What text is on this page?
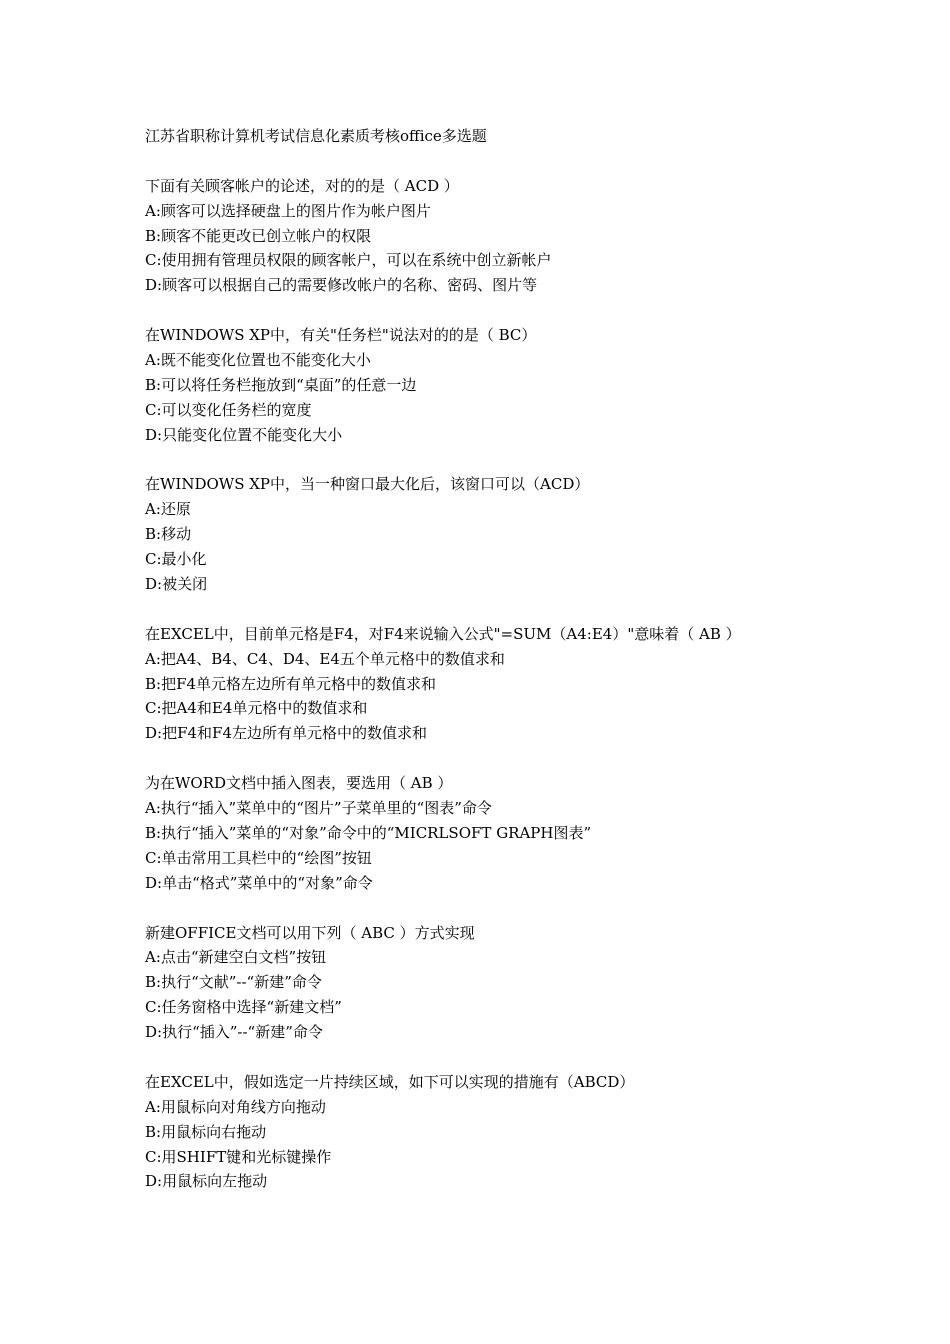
江苏省职称计算机考试信息化素质考核office多选题
下面有关顾客帐户的论述，对的的是（ ACD ）
A:顾客可以选择硬盘上的图片作为帐户图片
B:顾客不能更改已创立帐户的权限
C:使用拥有管理员权限的顾客帐户，可以在系统中创立新帐户
D:顾客可以根据自己的需要修改帐户的名称、密码、图片等
在WINDOWS XP中，有关"任务栏"说法对的的是（ BC）
A:既不能变化位置也不能变化大小
B:可以将任务栏拖放到“桌面”的任意一边
C:可以变化任务栏的宽度
D:只能变化位置不能变化大小
在WINDOWS XP中，当一种窗口最大化后，该窗口可以（ACD）
A:还原
B:移动
C:最小化
D:被关闭
在EXCEL中，目前单元格是F4，对F4来说输入公式"=SUM（A4:E4）"意味着（ AB ）
A:把A4、B4、C4、D4、E4五个单元格中的数值求和
B:把F4单元格左边所有单元格中的数值求和
C:把A4和E4单元格中的数值求和
D:把F4和F4左边所有单元格中的数值求和
为在WORD文档中插入图表，要选用（ AB ）
A:执行“插入”菜单中的“图片”子菜单里的“图表”命令
B:执行“插入”菜单的“对象”命令中的“MICRLSOFT GRAPH图表”
C:单击常用工具栏中的“绘图”按钮
D:单击“格式”菜单中的“对象”命令
新建OFFICE文档可以用下列（ ABC ）方式实现
A:点击“新建空白文档”按钮
B:执行“文献”--“新建”命令
C:任务窗格中选择“新建文档”
D:执行“插入”--“新建”命令
在EXCEL中，假如选定一片持续区域，如下可以实现的措施有（ABCD）
A:用鼠标向对角线方向拖动
B:用鼠标向右拖动
C:用SHIFT键和光标键操作
D:用鼠标向左拖动
